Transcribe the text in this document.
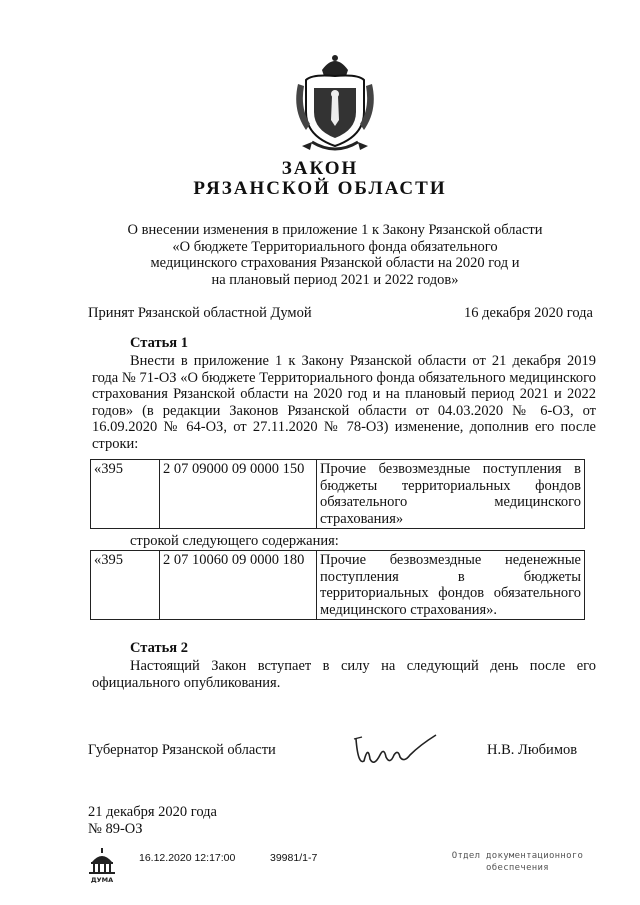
ЗАКОН
РЯЗАНСКОЙ ОБЛАСТИ
О внесении изменения в приложение 1 к Закону Рязанской области
«О бюджете Территориального фонда обязательного
медицинского страхования Рязанской области на 2020 год и
на плановый период 2021 и 2022 годов»
Принят Рязанской областной Думой	16 декабря 2020 года
Статья 1
Внести в приложение 1 к Закону Рязанской области от 21 декабря 2019 года № 71-ОЗ «О бюджете Территориального фонда обязательного медицинского страхования Рязанской области на 2020 год и на плановый период 2021 и 2022 годов» (в редакции Законов Рязанской области от 04.03.2020 № 6-ОЗ, от 16.09.2020 № 64-ОЗ, от 27.11.2020 № 78-ОЗ) изменение, дополнив его после строки:
«395	2 07 09000 09 0000 150	Прочие безвозмездные поступления в бюджеты территориальных фондов обязательного медицинского страхования»
строкой следующего содержания:
«395	2 07 10060 09 0000 180	Прочие безвозмездные неденежные поступления в бюджеты территориальных фондов обязательного медицинского страхования».
Статья 2
Настоящий Закон вступает в силу на следующий день после его официального опубликования.
Губернатор Рязанской области	Н.В. Любимов
21 декабря 2020 года
№ 89-ОЗ
ДУМА
16.12.2020 12:17:00	39981/1-7	Отдел документационного
обеспечения
